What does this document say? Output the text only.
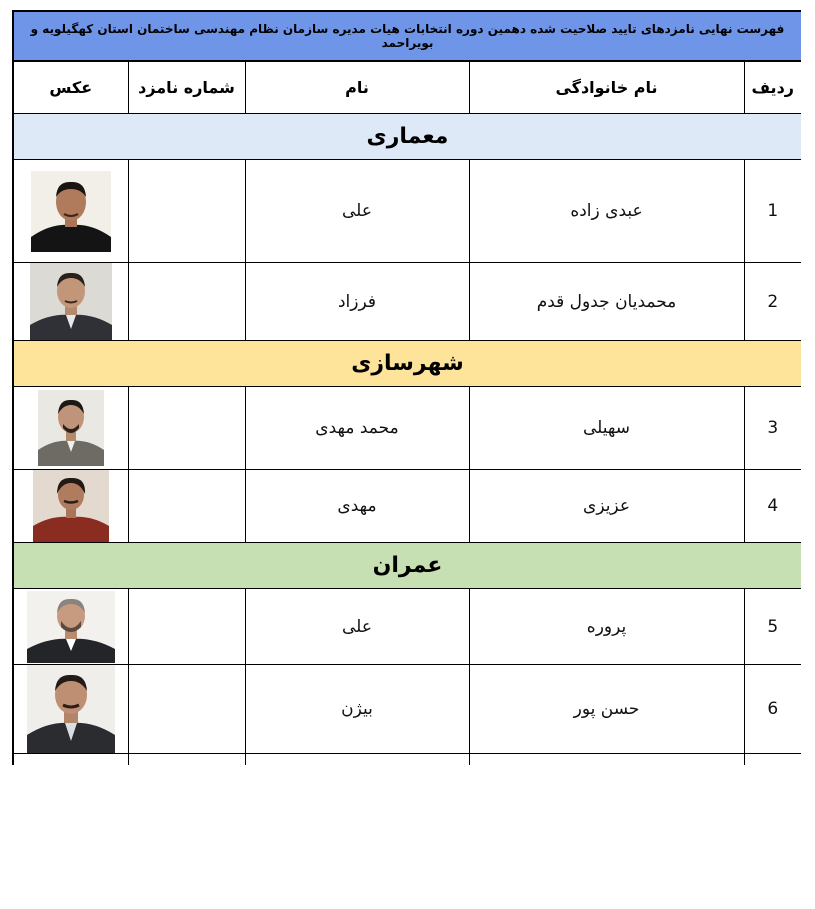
فهرست نهایی نامزدهای تایید صلاحیت شده دهمین دوره انتخابات هیات مدیره سازمان نظام مهندسی ساختمان استان کهگیلویه و بویراحمد				
ردیف	نام خانوادگی	نام	شماره نامزد	عکس
معماری				
1	عبدی زاده	علی		

2	محمدیان جدول قدم	فرزاد		

شهرسازی				
3	سهیلی	محمد مهدی		

4	عزیزی	مهدی		

عمران				
5	پروره	علی		

6	حسن پور	بیژن		
